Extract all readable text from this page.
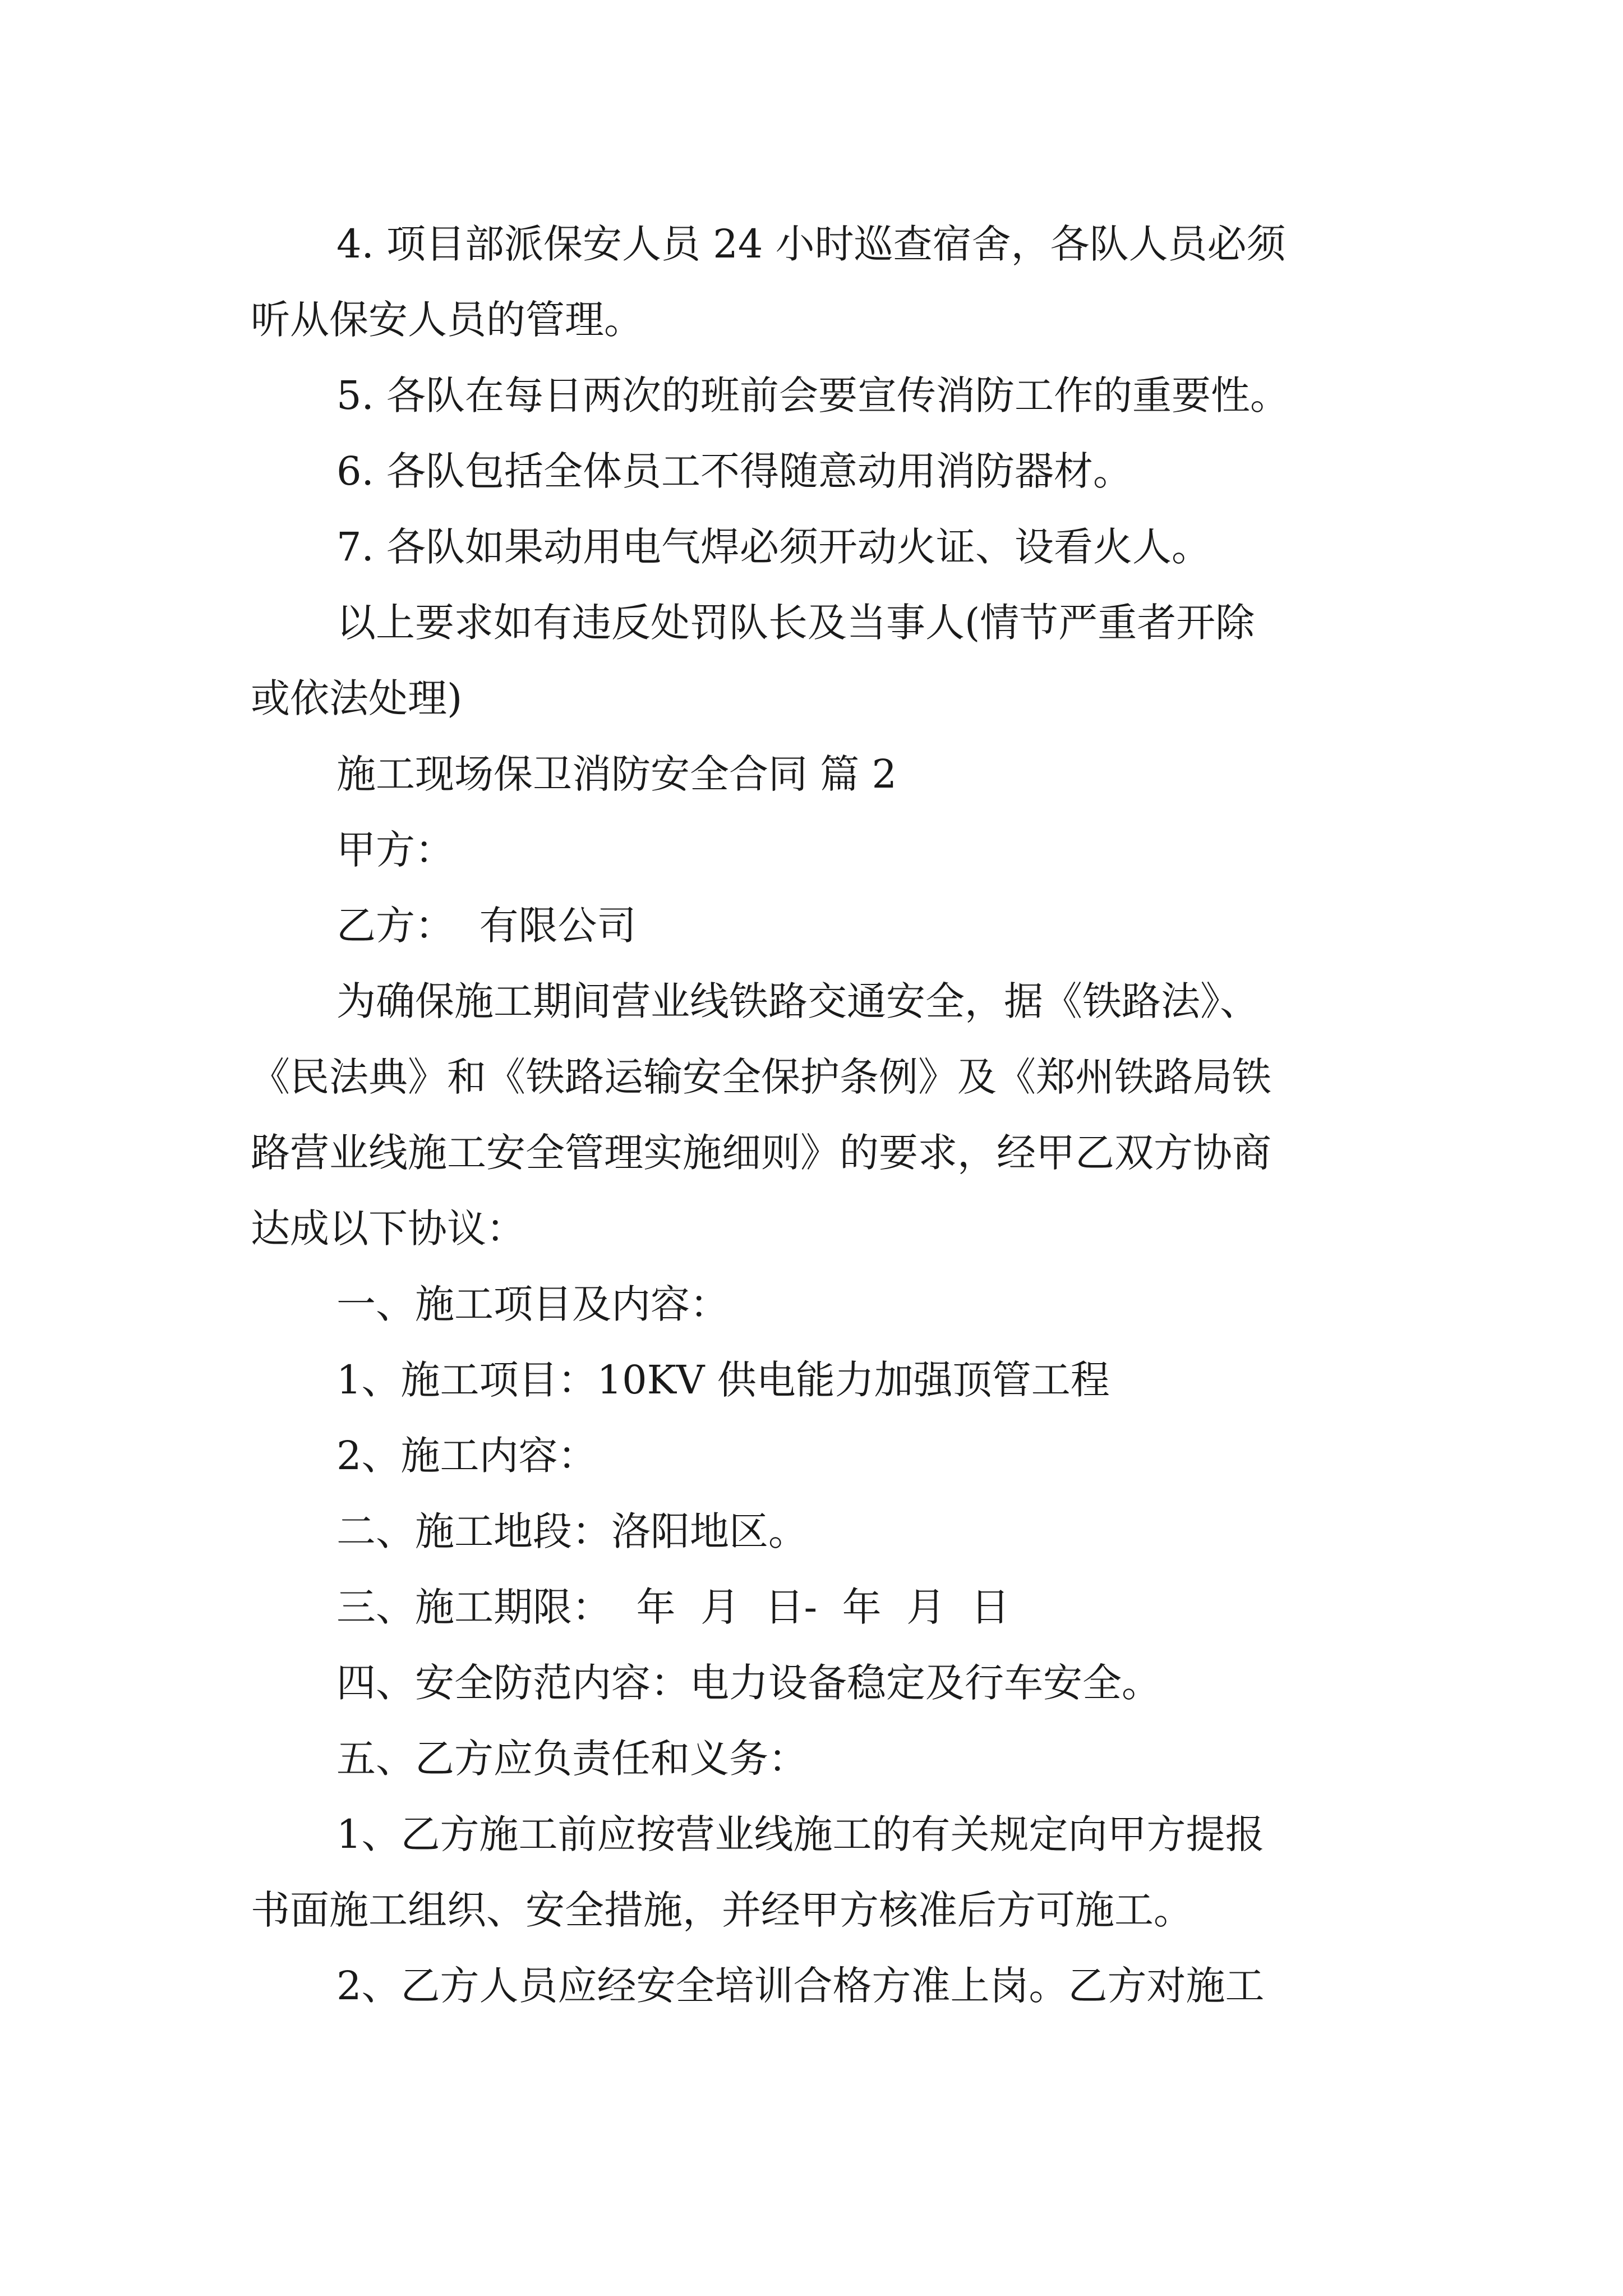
4. 项目部派保安人员 24 小时巡查宿舍，各队人员必须

听从保安人员的管理。

5. 各队在每日两次的班前会要宣传消防工作的重要性。

6. 各队包括全体员工不得随意动用消防器材。

7. 各队如果动用电气焊必须开动火证、设看火人。

以上要求如有违反处罚队长及当事人(情节严重者开除

或依法处理)

施工现场保卫消防安全合同 篇 2

甲方：

乙方：  有限公司

为确保施工期间营业线铁路交通安全，据《铁路法》、

《民法典》和《铁路运输安全保护条例》及《郑州铁路局铁

路营业线施工安全管理实施细则》的要求，经甲乙双方协商

达成以下协议：

一、施工项目及内容：

1、施工项目：10KV 供电能力加强顶管工程

2、施工内容：

二、施工地段：洛阳地区。

三、施工期限：  年  月  日-  年  月  日

四、安全防范内容：电力设备稳定及行车安全。

五、乙方应负责任和义务：

1、乙方施工前应按营业线施工的有关规定向甲方提报

书面施工组织、安全措施，并经甲方核准后方可施工。

2、乙方人员应经安全培训合格方准上岗。乙方对施工
